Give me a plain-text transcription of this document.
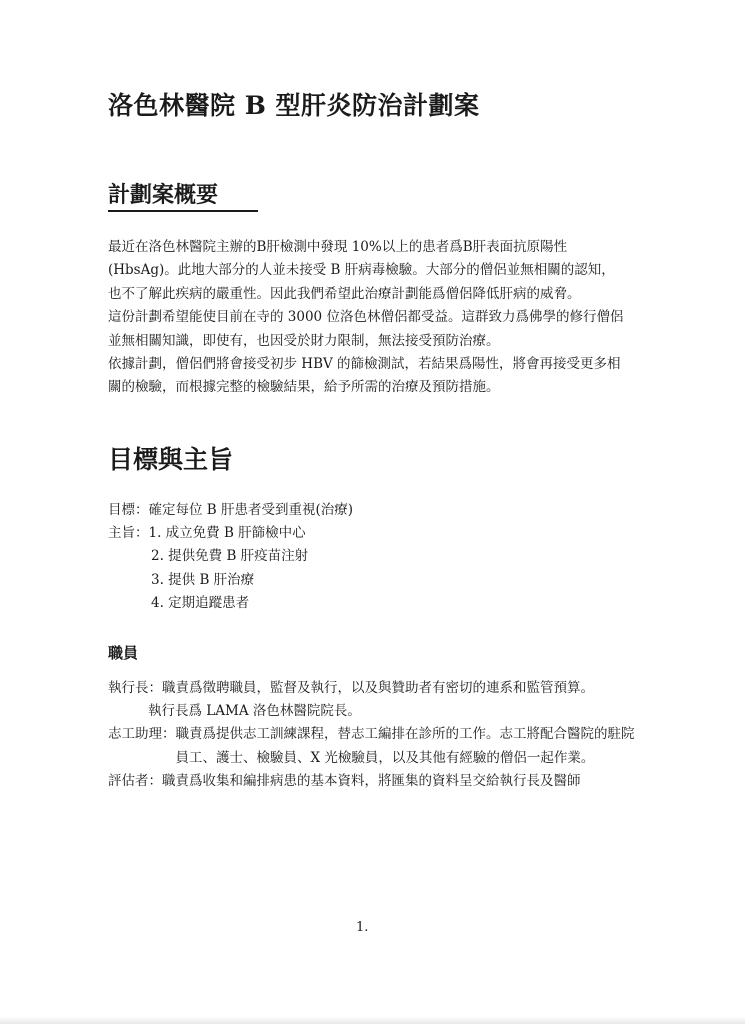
洛色林醫院 B 型肝炎防治計劃案
計劃案概要

最近在洛色林醫院主辦的B肝檢測中發現 10%以上的患者爲B肝表面抗原陽性(HbsAg)。此地大部分的人並未接受 B 肝病毒檢驗。大部分的僧侶並無相關的認知，也不了解此疾病的嚴重性。因此我們希望此治療計劃能爲僧侶降低肝病的威脅。

這份計劃希望能使目前在寺的 3000 位洛色林僧侶都受益。這群致力爲佛學的修行僧侶並無相關知識，即使有，也因受於財力限制，無法接受預防治療。

依據計劃，僧侶們將會接受初步 HBV 的篩檢測試，若結果爲陽性，將會再接受更多相關的檢驗，而根據完整的檢驗結果，給予所需的治療及預防措施。

目標與主旨
目標：確定每位 B 肝患者受到重視(治療)
主旨：1. 成立免費 B 肝篩檢中心
2. 提供免費 B 肝疫苗注射
3. 提供 B 肝治療
4. 定期追蹤患者
職員
執行長： 職責爲徵聘職員，監督及執行，以及與贊助者有密切的連系和監管預算。
執行長爲 LAMA 洛色林醫院院長。
志工助理： 職責爲提供志工訓練課程，替志工編排在診所的工作。志工將配合醫院的駐院員工、護士、檢驗員、X 光檢驗員，以及其他有經驗的僧侶一起作業。
評估者： 職責爲收集和編排病患的基本資料，將匯集的資料呈交給執行長及醫師
1.
